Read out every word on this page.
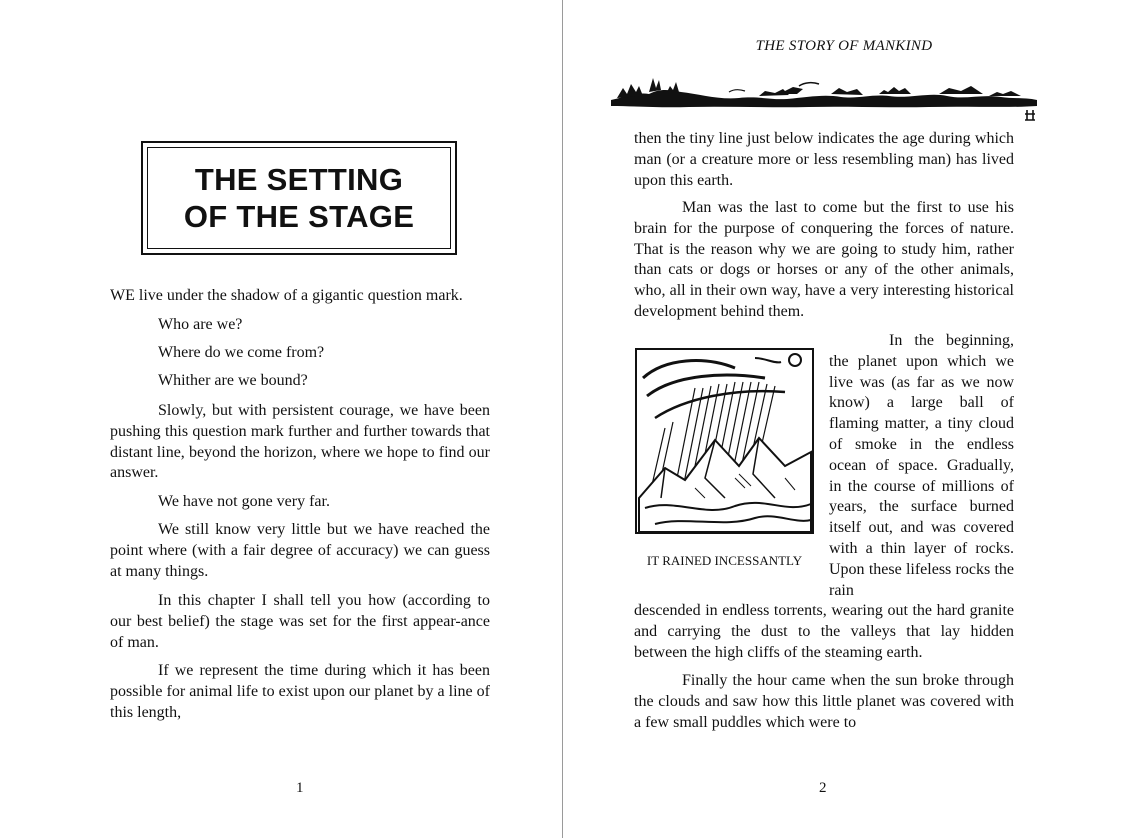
THE SETTING
OF THE STAGE

WE live under the shadow of a gigantic question mark.

Who are we?

Where do we come from?

Whither are we bound?

Slowly, but with persistent courage, we have been pushing this question mark further and further towards that distant line, beyond the horizon, where we hope to find our answer.

We have not gone very far.

We still know very little but we have reached the point where (with a fair degree of accuracy) we can guess at many things.

In this chapter I shall tell you how (according to our best belief) the stage was set for the first appear-ance of man.

If we represent the time during which it has been possible for animal life to exist upon our planet by a line of this length,

1
THE STORY OF MANKIND

then the tiny line just below indicates the age during which man (or a creature more or less resembling man) has lived upon this earth.

Man was the last to come but the first to use his brain for the purpose of conquering the forces of nature. That is the reason why we are going to study him, rather than cats or dogs or horses or any of the other animals, who, all in their own way, have a very interesting historical development behind them.

In the beginning, the planet upon which we live was (as far as we now know) a large ball of flaming matter, a tiny cloud of smoke in the endless ocean of space. Gradually, in the course of millions of years, the surface burned itself out, and was covered with a thin layer of rocks. Upon these lifeless rocks the rain

descended in endless torrents, wearing out the hard granite and carrying the dust to the valleys that lay hidden between the high cliffs of the steaming earth.

Finally the hour came when the sun broke through the clouds and saw how this little planet was covered with a few small puddles which were to

IT RAINED INCESSANTLY
2
